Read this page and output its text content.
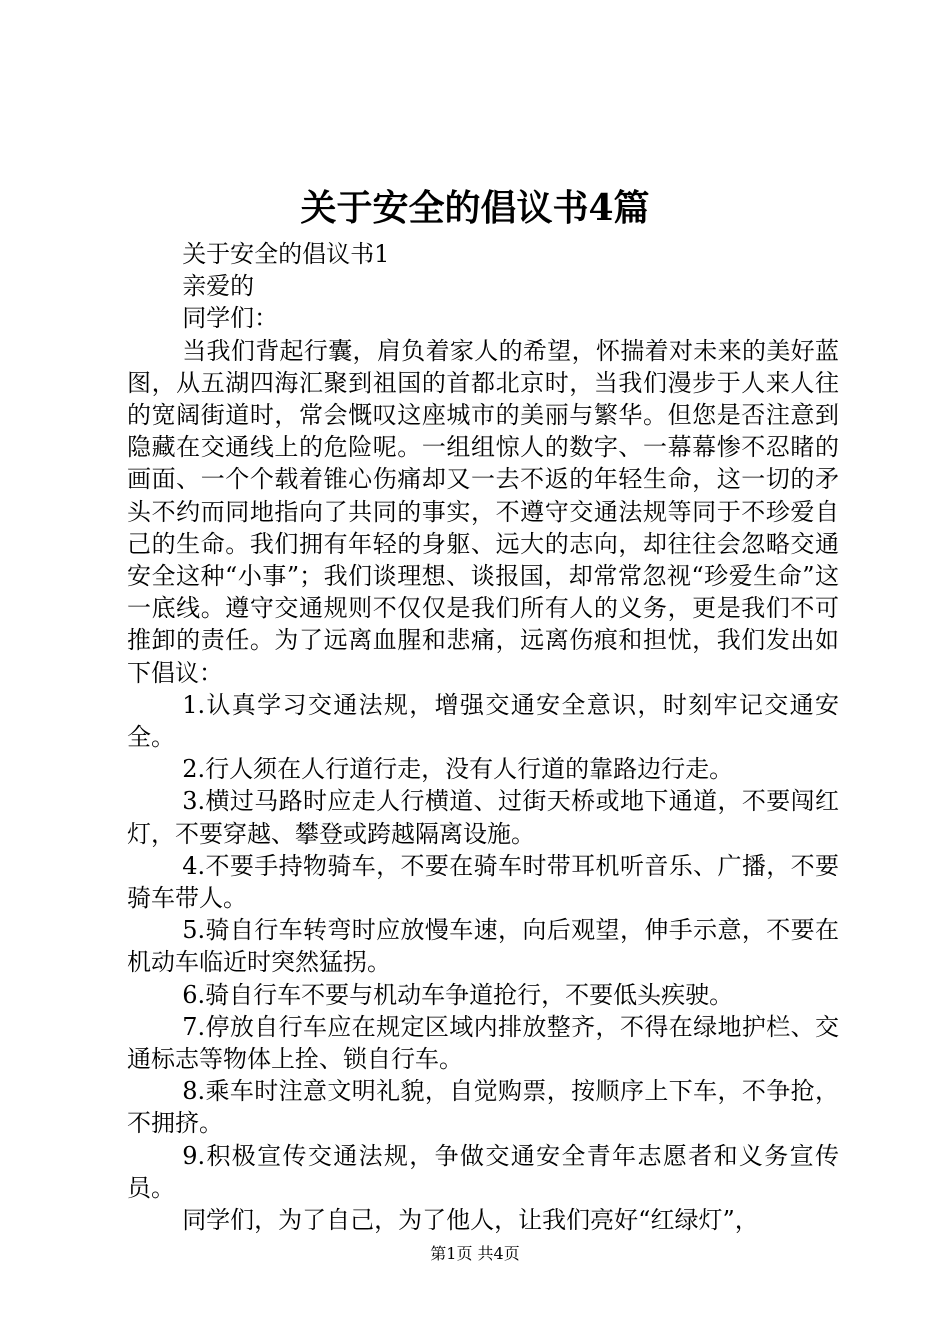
关于安全的倡议书4篇

关于安全的倡议书1

亲爱的

同学们：

当我们背起行囊，肩负着家人的希望，怀揣着对未来的美好蓝图，从五湖四海汇聚到祖国的首都北京时，当我们漫步于人来人往的宽阔街道时，常会慨叹这座城市的美丽与繁华。但您是否注意到隐藏在交通线上的危险呢。一组组惊人的数字、一幕幕惨不忍睹的画面、一个个载着锥心伤痛却又一去不返的年轻生命，这一切的矛头不约而同地指向了共同的事实，不遵守交通法规等同于不珍爱自己的生命。我们拥有年轻的身躯、远大的志向，却往往会忽略交通安全这种“小事”；我们谈理想、谈报国，却常常忽视“珍爱生命”这一底线。遵守交通规则不仅仅是我们所有人的义务，更是我们不可推卸的责任。为了远离血腥和悲痛，远离伤痕和担忧，我们发出如下倡议：

1.认真学习交通法规，增强交通安全意识，时刻牢记交通安全。

2.行人须在人行道行走，没有人行道的靠路边行走。

3.横过马路时应走人行横道、过街天桥或地下通道，不要闯红灯，不要穿越、攀登或跨越隔离设施。

4.不要手持物骑车，不要在骑车时带耳机听音乐、广播，不要骑车带人。

5.骑自行车转弯时应放慢车速，向后观望，伸手示意，不要在机动车临近时突然猛拐。

6.骑自行车不要与机动车争道抢行，不要低头疾驶。

7.停放自行车应在规定区域内排放整齐，不得在绿地护栏、交通标志等物体上拴、锁自行车。

8.乘车时注意文明礼貌，自觉购票，按顺序上下车，不争抢，不拥挤。

9.积极宣传交通法规，争做交通安全青年志愿者和义务宣传员。

同学们，为了自己，为了他人，让我们亮好“红绿灯”，

第1页 共4页
